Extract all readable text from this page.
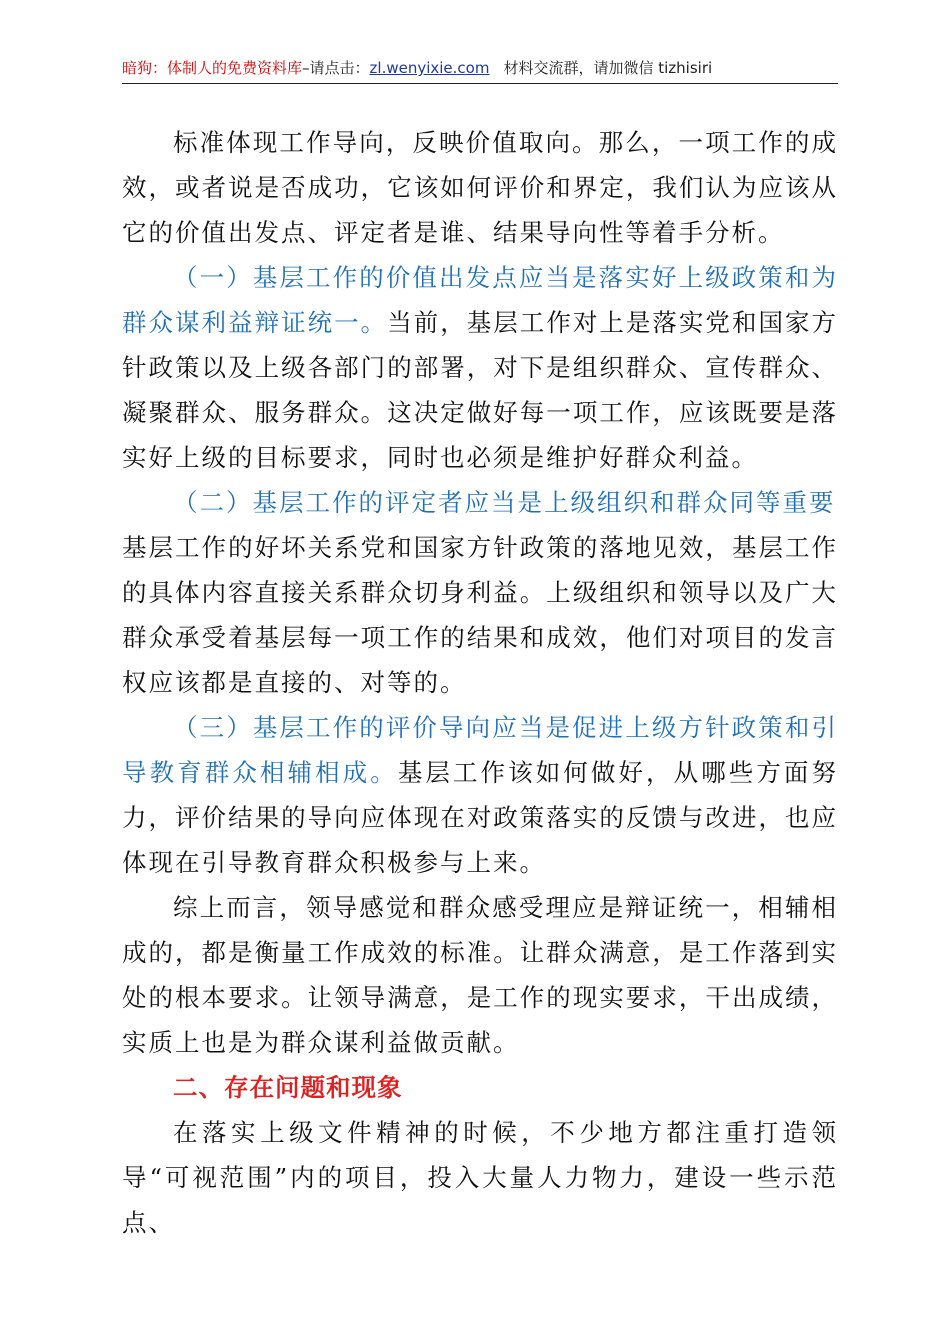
暗狗：体制人的免费资料库–请点击：zl.wenyixie.com 材料交流群，请加微信 tizhisiri

标准体现工作导向，反映价值取向。那么，一项工作的成效，或者说是否成功，它该如何评价和界定，我们认为应该从它的价值出发点、评定者是谁、结果导向性等着手分析。

（一）基层工作的价值出发点应当是落实好上级政策和为群众谋利益辩证统一。当前，基层工作对上是落实党和国家方针政策以及上级各部门的部署，对下是组织群众、宣传群众、凝聚群众、服务群众。这决定做好每一项工作，应该既要是落实好上级的目标要求，同时也必须是维护好群众利益。

（二）基层工作的评定者应当是上级组织和群众同等重要

基层工作的好坏关系党和国家方针政策的落地见效，基层工作的具体内容直接关系群众切身利益。上级组织和领导以及广大群众承受着基层每一项工作的结果和成效，他们对项目的发言权应该都是直接的、对等的。

（三）基层工作的评价导向应当是促进上级方针政策和引导教育群众相辅相成。基层工作该如何做好，从哪些方面努力，评价结果的导向应体现在对政策落实的反馈与改进，也应体现在引导教育群众积极参与上来。

综上而言，领导感觉和群众感受理应是辩证统一，相辅相成的，都是衡量工作成效的标准。让群众满意，是工作落到实处的根本要求。让领导满意，是工作的现实要求，干出成绩，实质上也是为群众谋利益做贡献。

二、存在问题和现象

在落实上级文件精神的时候，不少地方都注重打造领导“可视范围”内的项目，投入大量人力物力，建设一些示范点、
